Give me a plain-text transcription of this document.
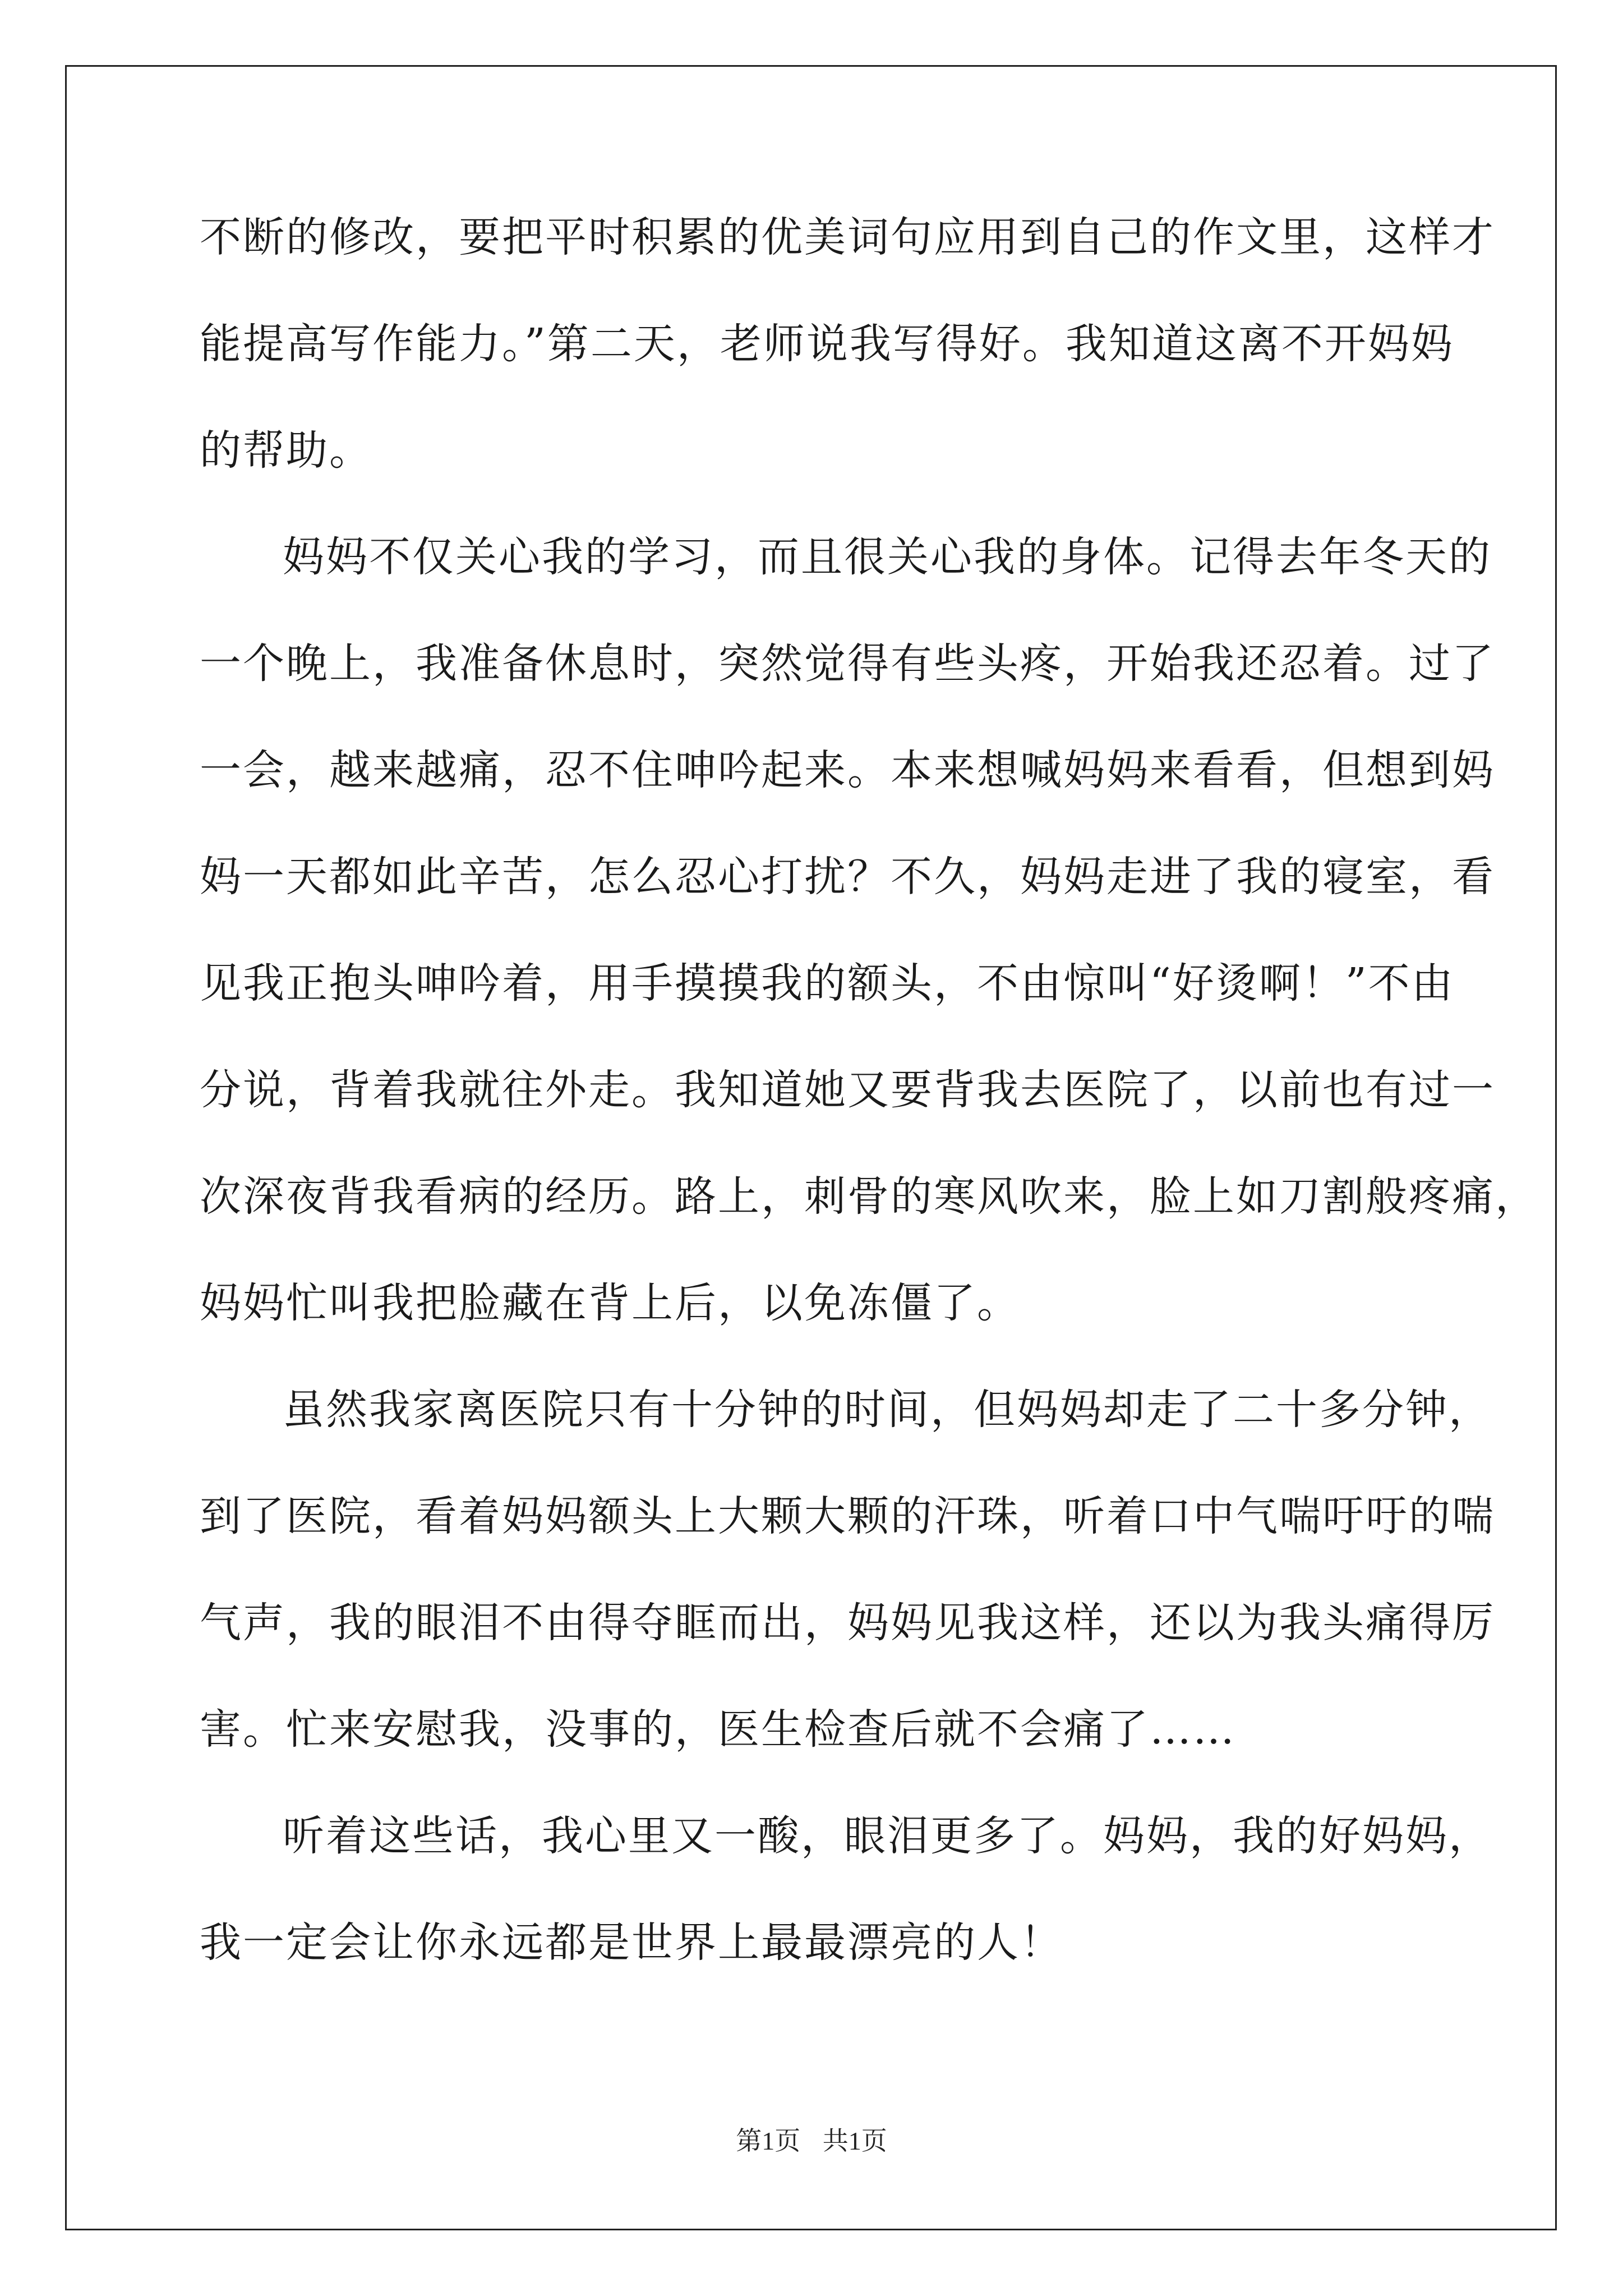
不断的修改，要把平时积累的优美词句应用到自己的作文里，这样才
能提高写作能力。”第二天，老师说我写得好。我知道这离不开妈妈
的帮助。
妈妈不仅关心我的学习，而且很关心我的身体。记得去年冬天的
一个晚上，我准备休息时，突然觉得有些头疼，开始我还忍着。过了
一会，越来越痛，忍不住呻吟起来。本来想喊妈妈来看看，但想到妈
妈一天都如此辛苦，怎么忍心打扰？不久，妈妈走进了我的寝室，看
见我正抱头呻吟着，用手摸摸我的额头，不由惊叫“好烫啊！”不由
分说，背着我就往外走。我知道她又要背我去医院了，以前也有过一
次深夜背我看病的经历。路上，刺骨的寒风吹来，脸上如刀割般疼痛，
妈妈忙叫我把脸藏在背上后，以免冻僵了。
虽然我家离医院只有十分钟的时间，但妈妈却走了二十多分钟，
到了医院，看着妈妈额头上大颗大颗的汗珠，听着口中气喘吁吁的喘
气声，我的眼泪不由得夺眶而出，妈妈见我这样，还以为我头痛得厉
害。忙来安慰我，没事的，医生检查后就不会痛了……
听着这些话，我心里又一酸，眼泪更多了。妈妈，我的好妈妈，
我一定会让你永远都是世界上最最漂亮的人！
第1页 共1页
